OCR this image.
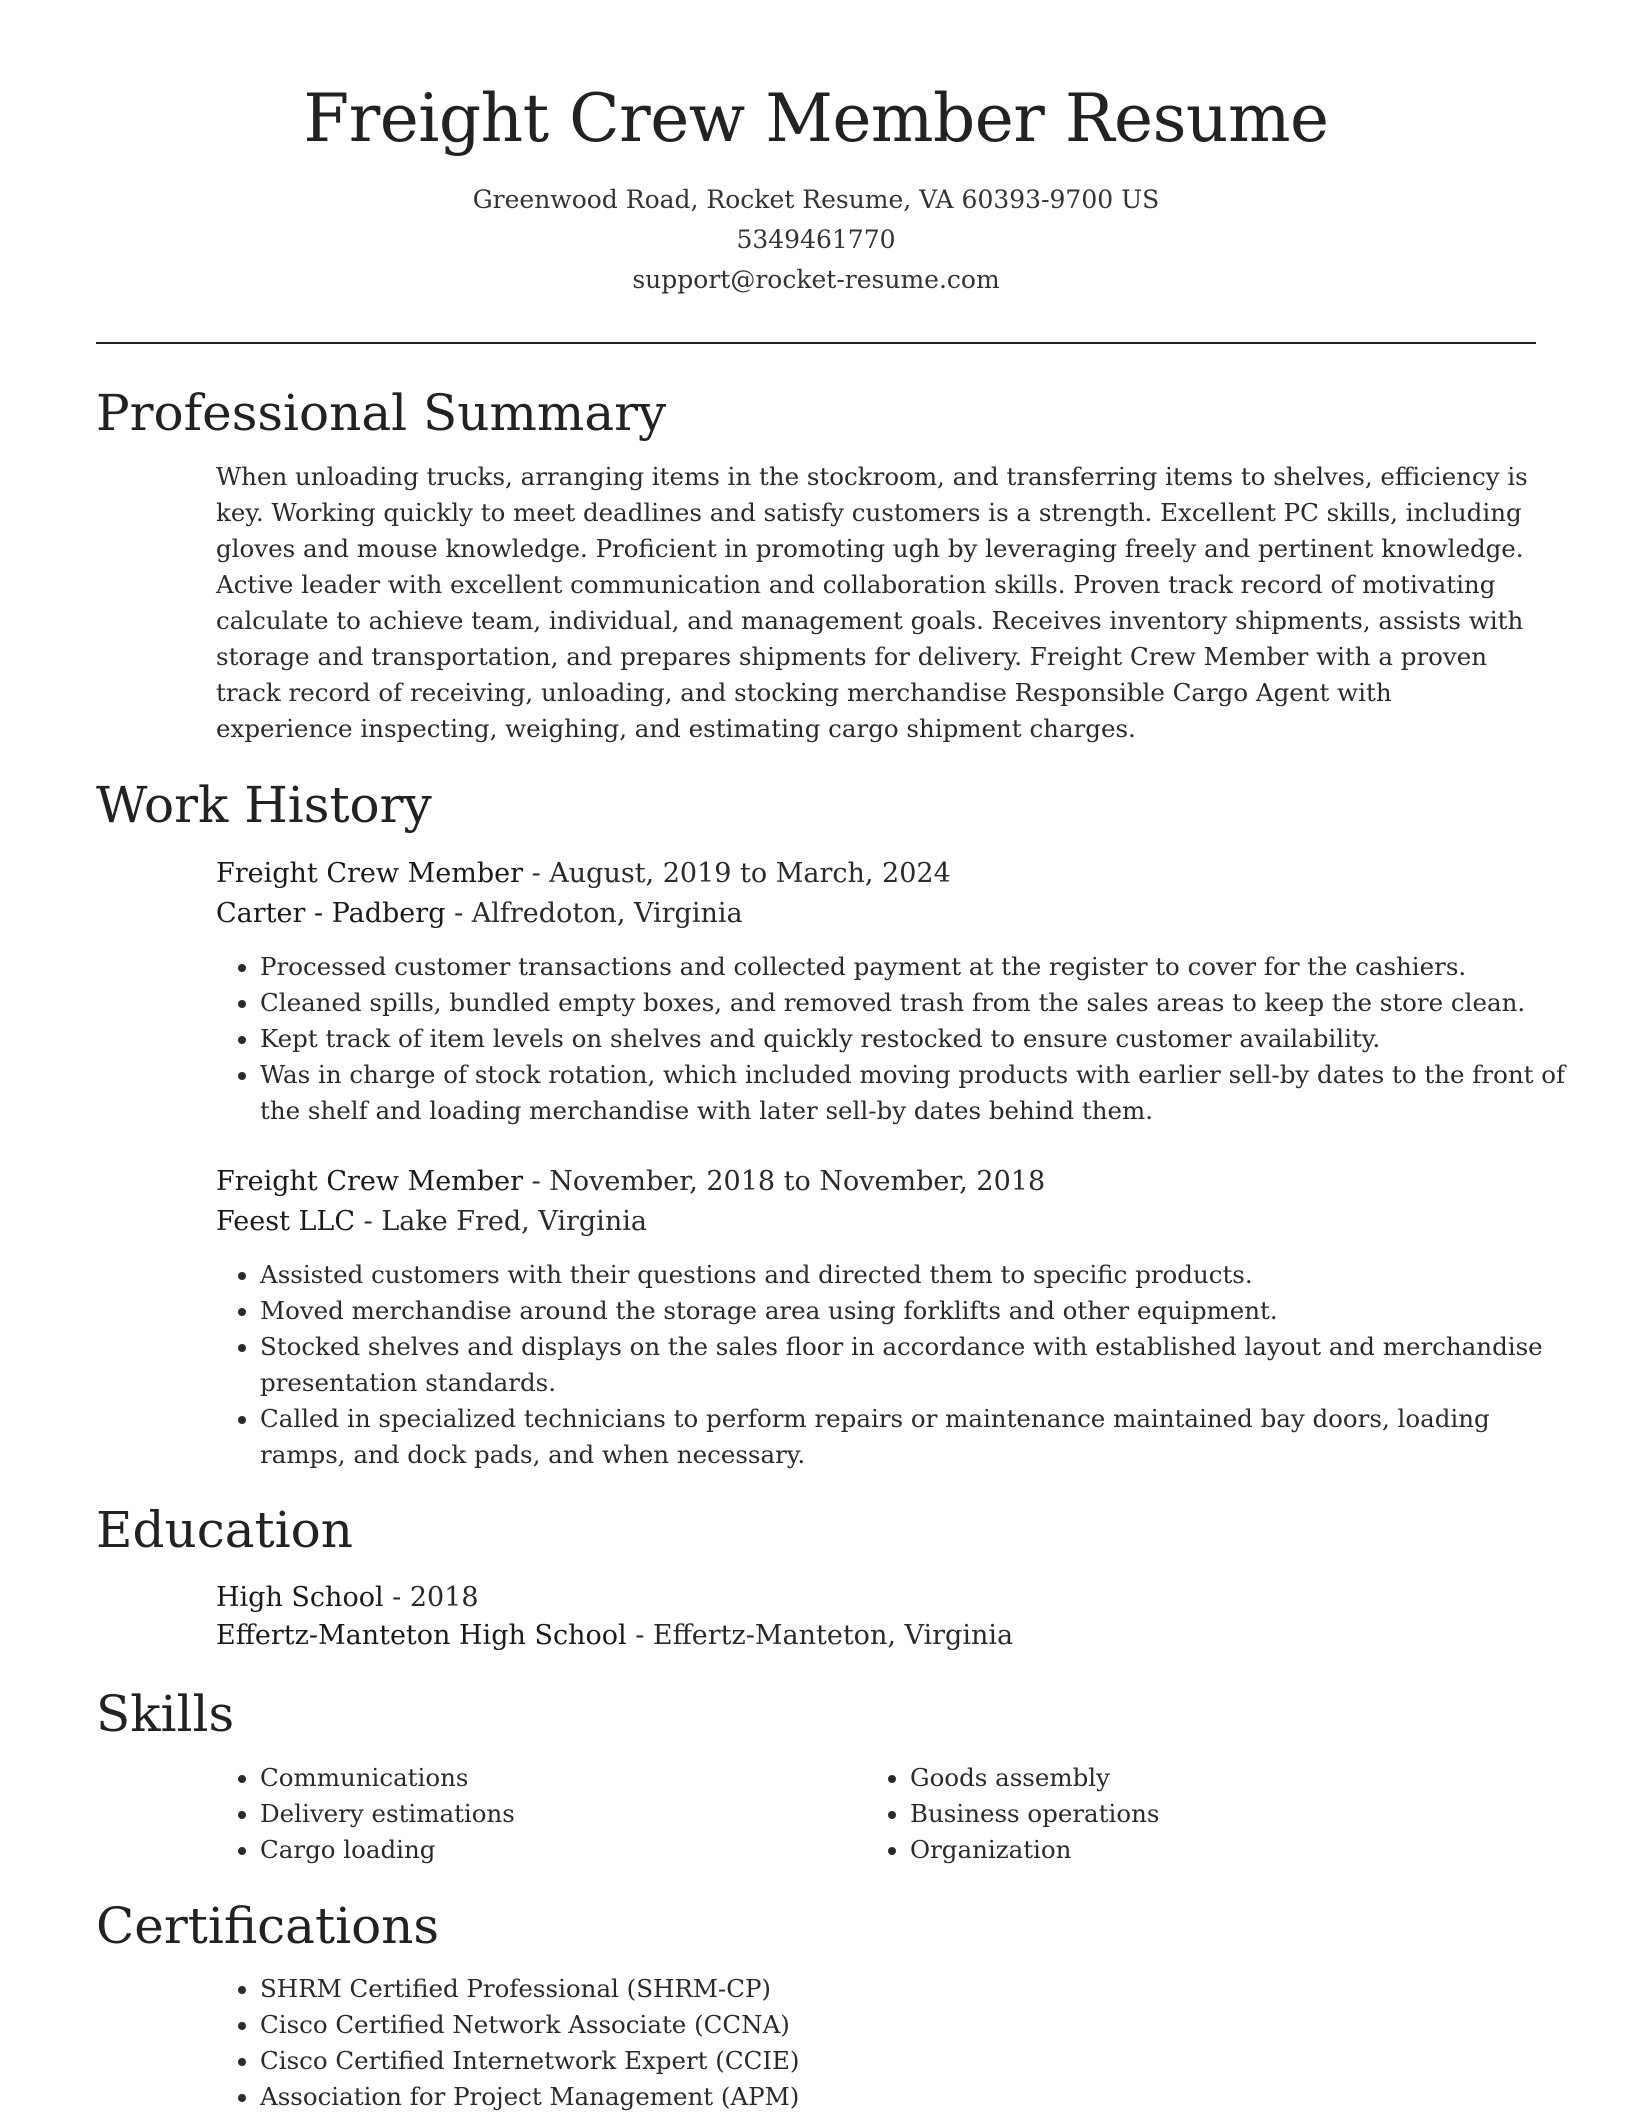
Freight Crew Member Resume
Greenwood Road, Rocket Resume, VA 60393-9700 US
5349461770
support@rocket-resume.com
Professional Summary

When unloading trucks, arranging items in the stockroom, and transferring items to shelves, efficiency is key. Working quickly to meet deadlines and satisfy customers is a strength. Excellent PC skills, including gloves and mouse knowledge. Proficient in promoting ugh by leveraging freely and pertinent knowledge. Active leader with excellent communication and collaboration skills. Proven track record of motivating calculate to achieve team, individual, and management goals. Receives inventory shipments, assists with storage and transportation, and prepares shipments for delivery. Freight Crew Member with a proven track record of receiving, unloading, and stocking merchandise Responsible Cargo Agent with experience inspecting, weighing, and estimating cargo shipment charges.

Work History
Freight Crew Member - August, 2019 to March, 2024
Carter - Padberg - Alfredoton, Virginia
• Processed customer transactions and collected payment at the register to cover for the cashiers.
• Cleaned spills, bundled empty boxes, and removed trash from the sales areas to keep the store clean.
• Kept track of item levels on shelves and quickly restocked to ensure customer availability.
• Was in charge of stock rotation, which included moving products with earlier sell-by dates to the front of the shelf and loading merchandise with later sell-by dates behind them.
Freight Crew Member - November, 2018 to November, 2018
Feest LLC - Lake Fred, Virginia
• Assisted customers with their questions and directed them to specific products.
• Moved merchandise around the storage area using forklifts and other equipment.
• Stocked shelves and displays on the sales floor in accordance with established layout and merchandise presentation standards.
• Called in specialized technicians to perform repairs or maintenance maintained bay doors, loading ramps, and dock pads, and when necessary.
Education
High School - 2018
Effertz-Manteton High School - Effertz-Manteton, Virginia
Skills
• Communications
• Delivery estimations
• Cargo loading
• Goods assembly
• Business operations
• Organization
Certifications
• SHRM Certified Professional (SHRM-CP)
• Cisco Certified Network Associate (CCNA)
• Cisco Certified Internetwork Expert (CCIE)
• Association for Project Management (APM)
